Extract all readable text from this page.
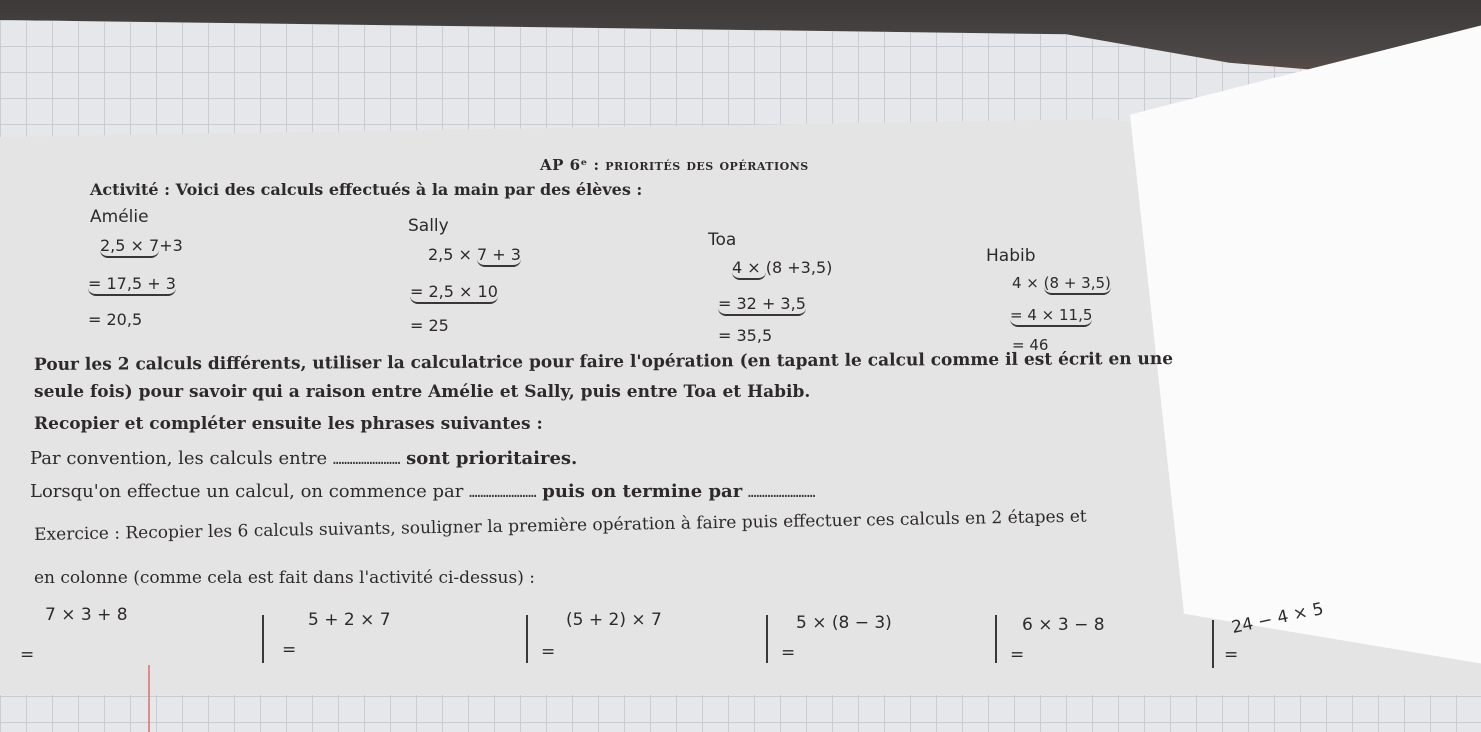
AP 6ᵉ : priorités des opérations
Activité : Voici des calculs effectués à la main par des élèves :
Amélie
2,5 × 7+3
= 17,5 + 3
= 20,5
Sally
2,5 × 7 + 3
= 2,5 × 10
= 25
Toa
4 × (8 +3,5)
= 32 + 3,5
= 35,5
Habib
4 × (8 + 3,5)
= 4 × 11,5
= 46
Pour les 2 calculs différents, utiliser la calculatrice pour faire l'opération (en tapant le calcul comme il est écrit en une
seule fois) pour savoir qui a raison entre Amélie et Sally, puis entre Toa et Habib.
Recopier et compléter ensuite les phrases suivantes :
Par convention, les calculs entre …………………… sont prioritaires.
Lorsqu'on effectue un calcul, on commence par …………………… puis on termine par ……………………
Exercice : Recopier les 6 calculs suivants, souligner la première opération à faire puis effectuer ces calculs en 2 étapes et
en colonne (comme cela est fait dans l'activité ci-dessus) :
7 × 3 + 8
=
5 + 2 × 7
=
(5 + 2) × 7
=
5 × (8 − 3)
=
6 × 3 − 8
=
24 − 4 × 5
=
